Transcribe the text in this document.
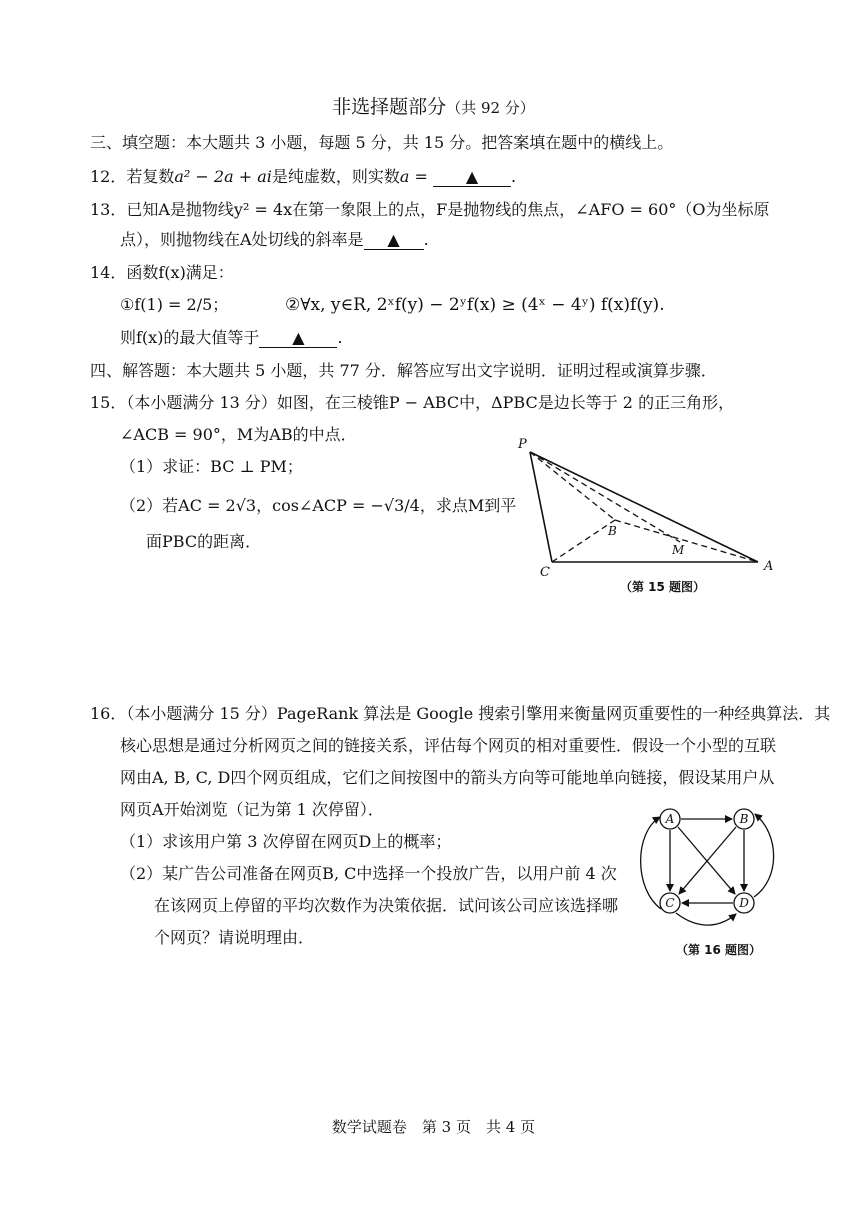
非选择题部分（共 92 分）
三、填空题：本大题共 3 小题，每题 5 分，共 15 分。把答案填在题中的横线上。
12．若复数a² − 2a + ai是纯虚数，则实数a = ▲ .
13．已知A是抛物线y² = 4x在第一象限上的点，F是抛物线的焦点，∠AFO = 60°（O为坐标原
点），则抛物线在A处切线的斜率是 ▲ .
14．函数f(x)满足：
①f(1) = 2/5；	②∀x, y∈R, 2ˣf(y) − 2ʸf(x) ≥ (4ˣ − 4ʸ) f(x)f(y).
则f(x)的最大值等于 ▲ .
四、解答题：本大题共 5 小题，共 77 分．解答应写出文字说明．证明过程或演算步骤．
15．（本小题满分 13 分）如图，在三棱锥P − ABC中，ΔPBC是边长等于 2 的正三角形，
∠ACB = 90°，M为AB的中点．
（1）求证：BC ⊥ PM；
（2）若AC = 2√3，cos∠ACP = −√3/4，求点M到平
面PBC的距离．
P
B
M
C	A
（第 15 题图）
16．（本小题满分 15 分）PageRank 算法是 Google 搜索引擎用来衡量网页重要性的一种经典算法．其
核心思想是通过分析网页之间的链接关系，评估每个网页的相对重要性．假设一个小型的互联
网由A, B, C, D四个网页组成，它们之间按图中的箭头方向等可能地单向链接，假设某用户从
网页A开始浏览（记为第 1 次停留）．
（1）求该用户第 3 次停留在网页D上的概率；
（2）某广告公司准备在网页B, C中选择一个投放广告，以用户前 4 次
在该网页上停留的平均次数作为决策依据．试问该公司应该选择哪
个网页？请说明理由．
A	B
C	D
（第 16 题图）
数学试题卷　第 3 页　共 4 页
